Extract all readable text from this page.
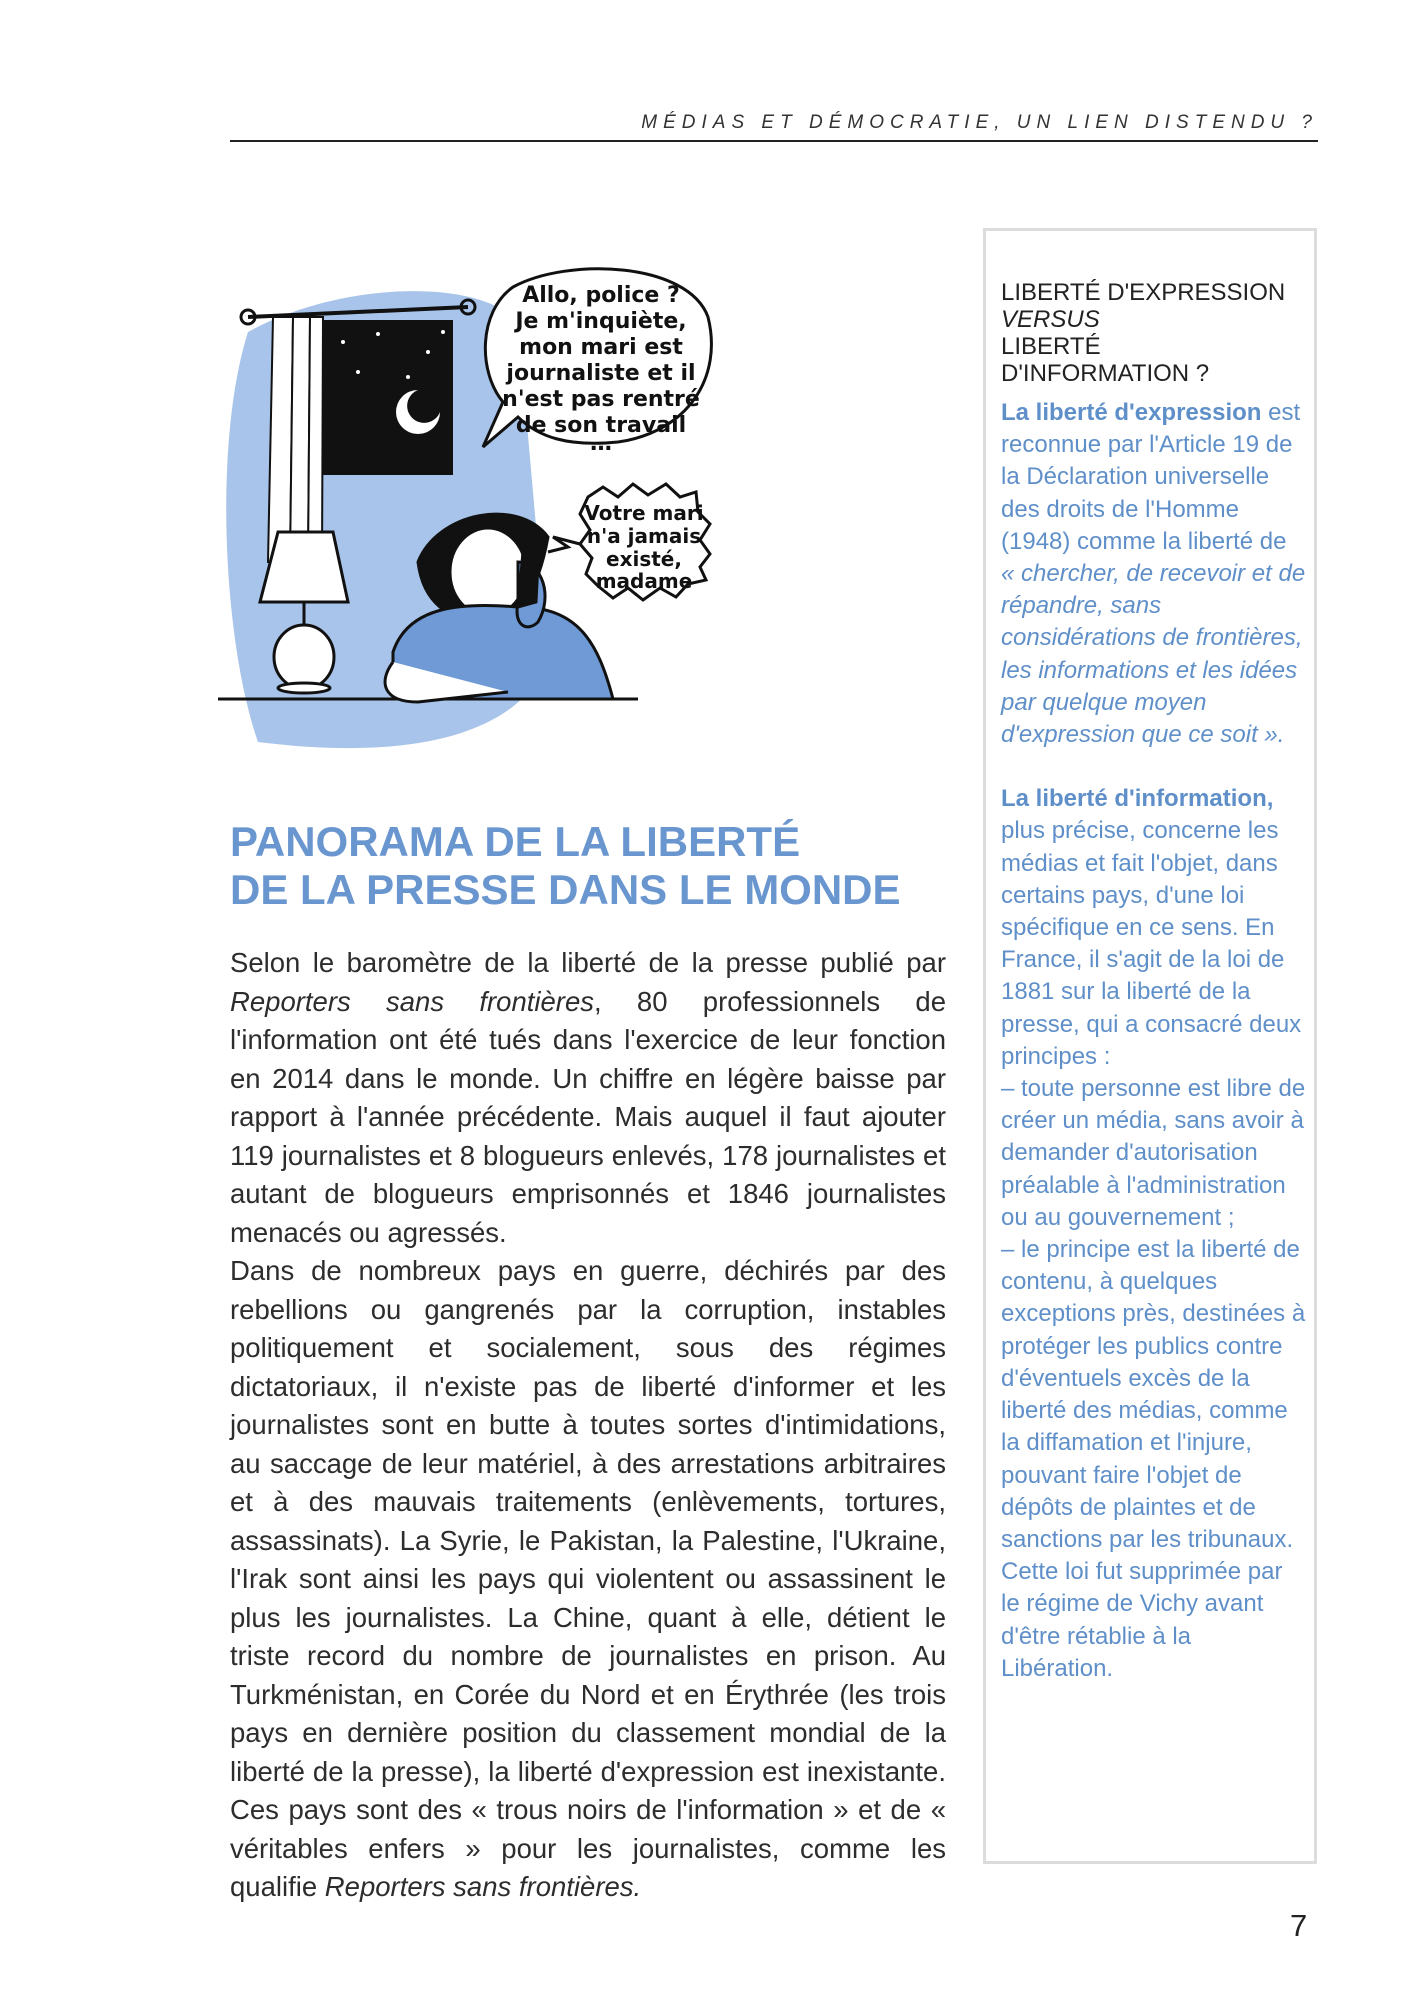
MÉDIAS ET DÉMOCRATIE, UN LIEN DISTENDU ?
Allo, police ?
Je m'inquiète,
mon mari est
journaliste et il
n'est pas rentré
de son travail
…
Votre mari
n'a jamais
existé,
madame
PANORAMA DE LA LIBERTÉ
DE LA PRESSE DANS LE MONDE

Selon le baromètre de la liberté de la presse publié par Reporters sans frontières, 80 professionnels de l'information ont été tués dans l'exercice de leur fonction en 2014 dans le monde. Un chiffre en légère baisse par rapport à l'année précédente. Mais auquel il faut ajouter 119 journalistes et 8 blogueurs enlevés, 178 journalistes et autant de blogueurs emprisonnés et 1846 journalistes menacés ou agressés.

Dans de nombreux pays en guerre, déchirés par des rebellions ou gangrenés par la corruption, instables politiquement et socialement, sous des régimes dictatoriaux, il n'existe pas de liberté d'informer et les journalistes sont en butte à toutes sortes d'intimidations, au saccage de leur matériel, à des arrestations arbitraires et à des mauvais traitements (enlèvements, tortures, assassinats). La Syrie, le Pakistan, la Palestine, l'Ukraine, l'Irak sont ainsi les pays qui violentent ou assassinent le plus les journalistes. La Chine, quant à elle, détient le triste record du nombre de journalistes en prison. Au Turkménistan, en Corée du Nord et en Érythrée (les trois pays en dernière position du classement mondial de la liberté de la presse), la liberté d'expression est inexistante. Ces pays sont des « trous noirs de l'information » et de « véritables enfers » pour les journalistes, comme les qualifie Reporters sans frontières.

LIBERTÉ D'EXPRESSION
VERSUS
LIBERTÉ
D'INFORMATION ?

La liberté d'expression est reconnue par l'Article 19 de la Déclaration universelle des droits de l'Homme (1948) comme la liberté de « chercher, de recevoir et de répandre, sans considérations de frontières, les informations et les idées par quelque moyen d'expression que ce soit ».

La liberté d'information, plus précise, concerne les médias et fait l'objet, dans certains pays, d'une loi spécifique en ce sens. En France, il s'agit de la loi de 1881 sur la liberté de la presse, qui a consacré deux principes :

– toute personne est libre de créer un média, sans avoir à demander d'autorisation préalable à l'administration ou au gouvernement ;

– le principe est la liberté de contenu, à quelques exceptions près, destinées à protéger les publics contre d'éventuels excès de la liberté des médias, comme la diffamation et l'injure, pouvant faire l'objet de dépôts de plaintes et de sanctions par les tribunaux.

Cette loi fut supprimée par le régime de Vichy avant d'être rétablie à la Libération.

7
